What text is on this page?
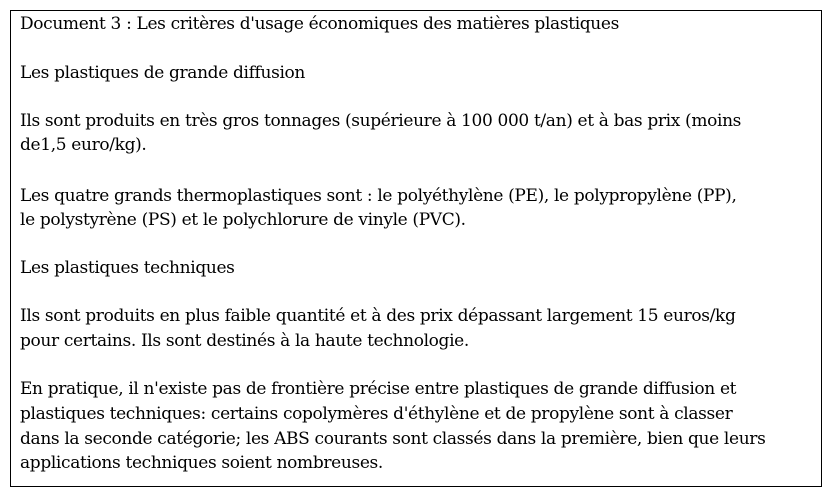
Document 3 : Les critères d'usage économiques des matières plastiques
Les plastiques de grande diffusion
Ils sont produits en très gros tonnages (supérieure à 100 000 t/an) et à bas prix (moins
de1,5 euro/kg).
Les quatre grands thermoplastiques sont : le polyéthylène (PE), le polypropylène (PP),
le polystyrène (PS) et le polychlorure de vinyle (PVC).
Les plastiques techniques
Ils sont produits en plus faible quantité et à des prix dépassant largement 15 euros/kg
pour certains. Ils sont destinés à la haute technologie.
En pratique, il n'existe pas de frontière précise entre plastiques de grande diffusion et
plastiques techniques: certains copolymères d'éthylène et de propylène sont à classer
dans la seconde catégorie; les ABS courants sont classés dans la première, bien que leurs
applications techniques soient nombreuses.
